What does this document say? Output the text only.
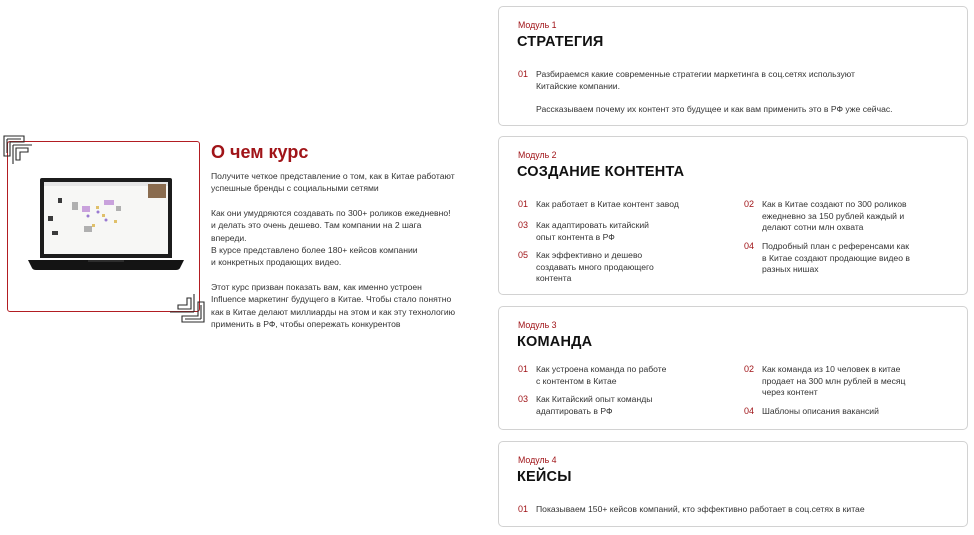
О чем курс

Получите четкое представление о том, как в Китае работают
успешные бренды с социальными сетями

Как они умудряются создавать по 300+ роликов ежедневно!
и делать это очень дешево. Там компании на 2 шага
впереди.
В курсе представлено более 180+ кейсов компании
и конкретных продающих видео.

Этот курс призван показать вам, как именно устроен
Influence маркетинг будущего в Китае. Чтобы стало понятно
как в Китае делают миллиарды на этом и как эту технологию
применить в РФ, чтобы опережать конкурентов

Модуль 1
СТРАТЕГИЯ
01 Разбираемся какие современные стратегии маркетинга в соц.сетях используют
Китайские компании.

Рассказываем почему их контент это будущее и как вам применить это в РФ уже сейчас.
Модуль 2
СОЗДАНИЕ КОНТЕНТА
01 Как работает в Китае контент завод	02 Как в Китае создают по 300 роликов
ежедневно за 150 рублей каждый и
делают сотни млн охвата
03 Как адаптировать китайский
опыт контента в РФ
04 Подробный план с референсами как
в Китае создают продающие видео в
разных нишах
05 Как эффективно и дешево
создавать много продающего
контента
Модуль 3
КОМАНДА
01 Как устроена команда по работе
с контентом в Китае
02 Как команда из 10 человек в китае
продает на 300 млн рублей в месяц
через контент
03 Как Китайский опыт команды
адаптировать в РФ	04 Шаблоны описания вакансий
Модуль 4
КЕЙСЫ
01 Показываем 150+ кейсов компаний, кто эффективно работает в соц.сетях в китае
